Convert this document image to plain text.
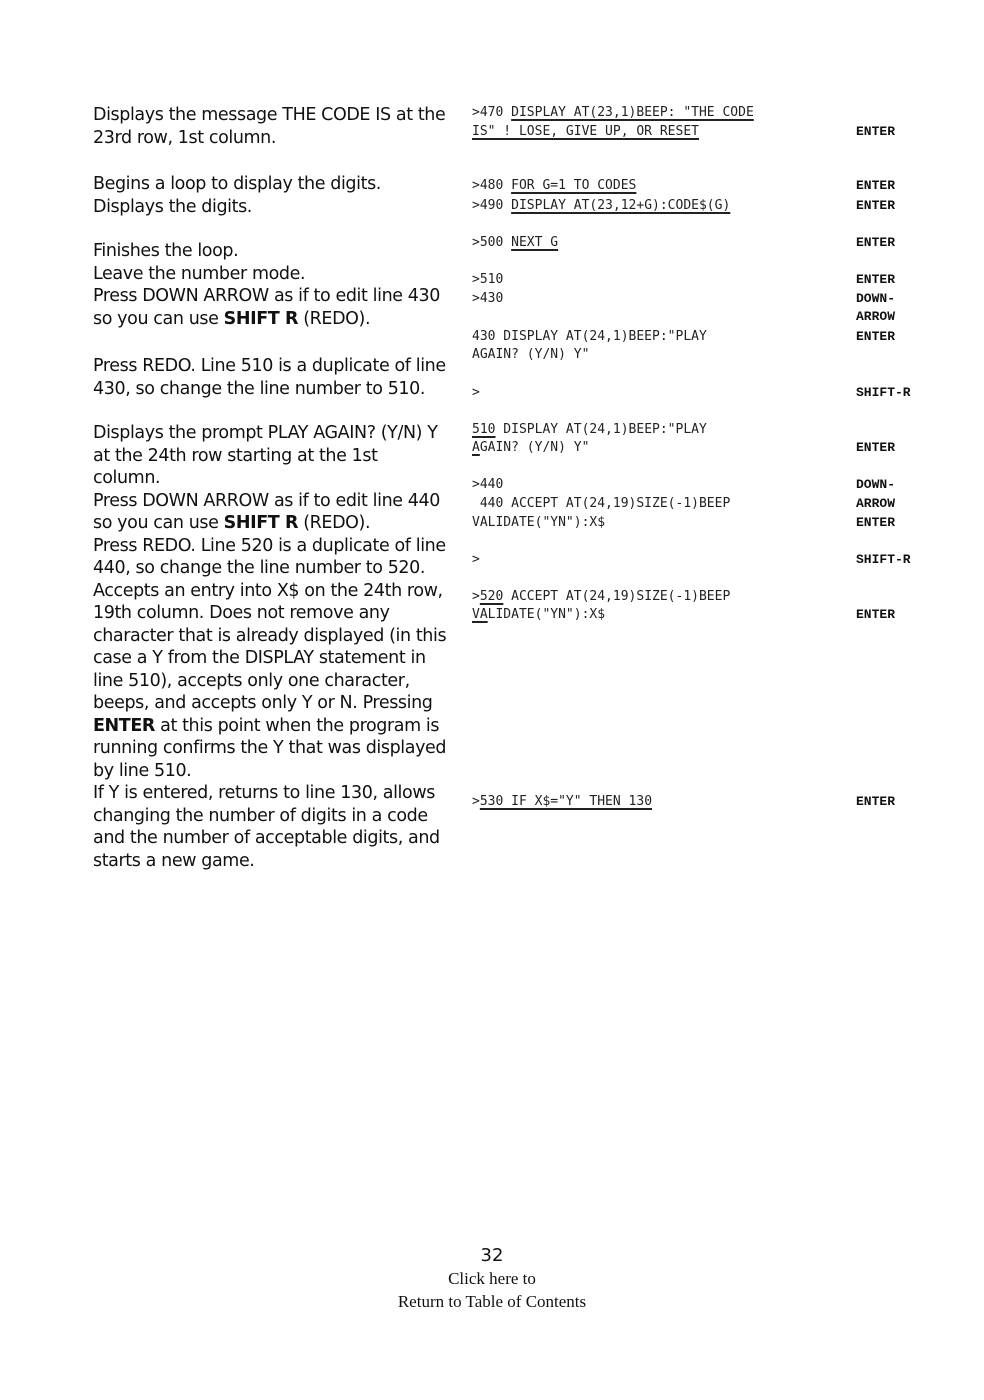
Displays the message THE CODE IS at the
23rd row, 1st column.
Begins a loop to display the digits.
Displays the digits.
Finishes the loop.
Leave the number mode.
Press DOWN ARROW as if to edit line 430
so you can use SHIFT R (REDO).
Press REDO. Line 510 is a duplicate of line
430, so change the line number to 510.
Displays the prompt PLAY AGAIN? (Y/N) Y
at the 24th row starting at the 1st
column.
Press DOWN ARROW as if to edit line 440
so you can use SHIFT R (REDO).
Press REDO. Line 520 is a duplicate of line
440, so change the line number to 520.
Accepts an entry into X$ on the 24th row,
19th column. Does not remove any
character that is already displayed (in this
case a Y from the DISPLAY statement in
line 510), accepts only one character,
beeps, and accepts only Y or N. Pressing
ENTER at this point when the program is
running confirms the Y that was displayed
by line 510.
If Y is entered, returns to line 130, allows
changing the number of digits in a code
and the number of acceptable digits, and
starts a new game.
>470 DISPLAY AT(23,1)BEEP: "THE CODE
IS" ! LOSE, GIVE UP, OR RESET
>480 FOR G=1 TO CODES
>490 DISPLAY AT(23,12+G):CODE$(G)
>500 NEXT G
>510
>430
430 DISPLAY AT(24,1)BEEP:"PLAY
AGAIN? (Y/N) Y"
>
510 DISPLAY AT(24,1)BEEP:"PLAY
AGAIN? (Y/N) Y"
>440
440 ACCEPT AT(24,19)SIZE(-1)BEEP
VALIDATE("YN"):X$
>
>520 ACCEPT AT(24,19)SIZE(-1)BEEP
VALIDATE("YN"):X$
>530 IF X$="Y" THEN 130
ENTER
ENTER
ENTER
ENTER
ENTER
DOWN-
ARROW
ENTER
SHIFT-R
ENTER
DOWN-
ARROW
ENTER
SHIFT-R
ENTER
ENTER
32
Click here to
Return to Table of Contents
